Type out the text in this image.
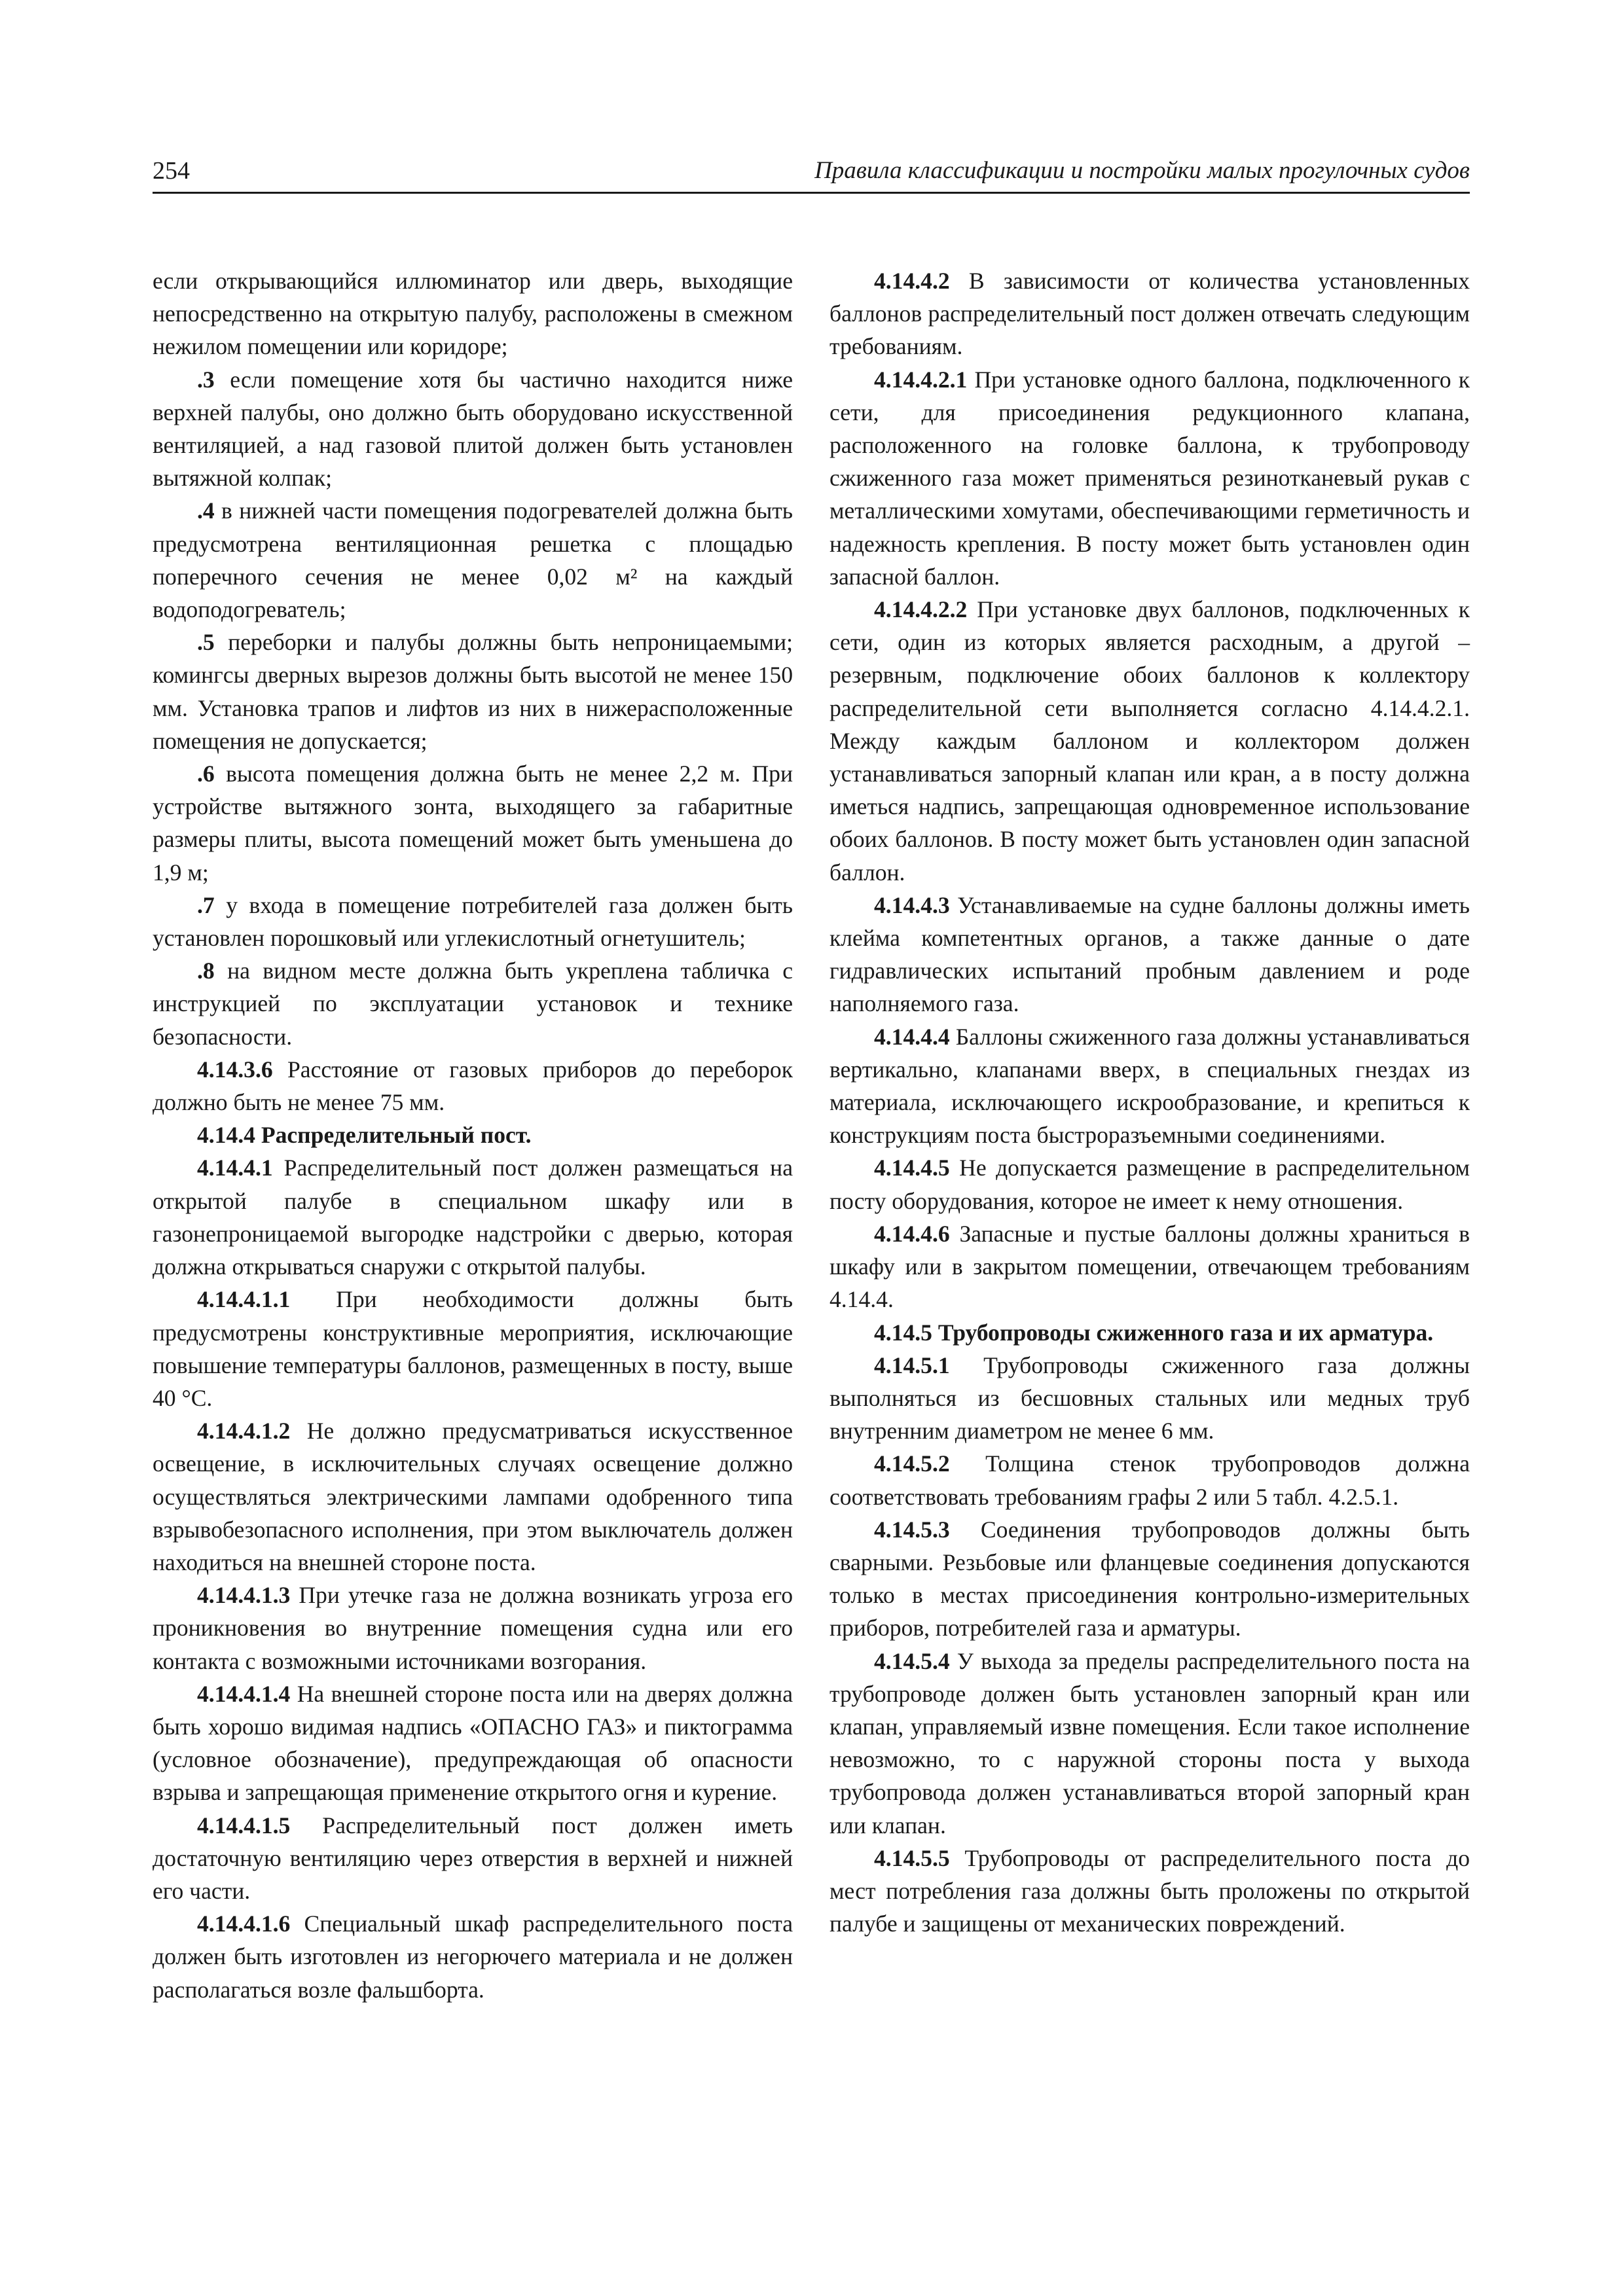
254	Правила классификации и постройки малых прогулочных судов

если открывающийся иллюминатор или дверь, выходящие непосредственно на открытую палубу, расположены в смежном нежилом помещении или коридоре;

.3 если помещение хотя бы частично находится ниже верхней палубы, оно должно быть оборудовано искусственной вентиляцией, а над газовой плитой должен быть установлен вытяжной колпак;

.4 в нижней части помещения подогревателей должна быть предусмотрена вентиляционная решетка с площадью поперечного сечения не менее 0,02 м² на каждый водоподогреватель;

.5 переборки и палубы должны быть непроницаемыми; комингсы дверных вырезов должны быть высотой не менее 150 мм. Установка трапов и лифтов из них в нижерасположенные помещения не допускается;

.6 высота помещения должна быть не менее 2,2 м. При устройстве вытяжного зонта, выходящего за габаритные размеры плиты, высота помещений может быть уменьшена до 1,9 м;

.7 у входа в помещение потребителей газа должен быть установлен порошковый или углекислотный огнетушитель;

.8 на видном месте должна быть укреплена табличка с инструкцией по эксплуатации установок и технике безопасности.

4.14.3.6 Расстояние от газовых приборов до переборок должно быть не менее 75 мм.

4.14.4 Распределительный пост.

4.14.4.1 Распределительный пост должен размещаться на открытой палубе в специальном шкафу или в газонепроницаемой выгородке надстройки с дверью, которая должна открываться снаружи с открытой палубы.

4.14.4.1.1 При необходимости должны быть предусмотрены конструктивные мероприятия, исключающие повышение температуры баллонов, размещенных в посту, выше 40 °С.

4.14.4.1.2 Не должно предусматриваться искусственное освещение, в исключительных случаях освещение должно осуществляться электрическими лампами одобренного типа взрывобезопасного исполнения, при этом выключатель должен находиться на внешней стороне поста.

4.14.4.1.3 При утечке газа не должна возникать угроза его проникновения во внутренние помещения судна или его контакта с возможными источниками возгорания.

4.14.4.1.4 На внешней стороне поста или на дверях должна быть хорошо видимая надпись «ОПАСНО ГАЗ» и пиктограмма (условное обозначение), предупреждающая об опасности взрыва и запрещающая применение открытого огня и курение.

4.14.4.1.5 Распределительный пост должен иметь достаточную вентиляцию через отверстия в верхней и нижней его части.

4.14.4.1.6 Специальный шкаф распределительного поста должен быть изготовлен из негорючего материала и не должен располагаться возле фальшборта.

4.14.4.2 В зависимости от количества установленных баллонов распределительный пост должен отвечать следующим требованиям.

4.14.4.2.1 При установке одного баллона, подключенного к сети, для присоединения редукционного клапана, расположенного на головке баллона, к трубопроводу сжиженного газа может применяться резинотканевый рукав с металлическими хомутами, обеспечивающими герметичность и надежность крепления. В посту может быть установлен один запасной баллон.

4.14.4.2.2 При установке двух баллонов, подключенных к сети, один из которых является расходным, а другой – резервным, подключение обоих баллонов к коллектору распределительной сети выполняется согласно 4.14.4.2.1. Между каждым баллоном и коллектором должен устанавливаться запорный клапан или кран, а в посту должна иметься надпись, запрещающая одновременное использование обоих баллонов. В посту может быть установлен один запасной баллон.

4.14.4.3 Устанавливаемые на судне баллоны должны иметь клейма компетентных органов, а также данные о дате гидравлических испытаний пробным давлением и роде наполняемого газа.

4.14.4.4 Баллоны сжиженного газа должны устанавливаться вертикально, клапанами вверх, в специальных гнездах из материала, исключающего искрообразование, и крепиться к конструкциям поста быстроразъемными соединениями.

4.14.4.5 Не допускается размещение в распределительном посту оборудования, которое не имеет к нему отношения.

4.14.4.6 Запасные и пустые баллоны должны храниться в шкафу или в закрытом помещении, отвечающем требованиям 4.14.4.

4.14.5 Трубопроводы сжиженного газа и их арматура.

4.14.5.1 Трубопроводы сжиженного газа должны выполняться из бесшовных стальных или медных труб внутренним диаметром не менее 6 мм.

4.14.5.2 Толщина стенок трубопроводов должна соответствовать требованиям графы 2 или 5 табл. 4.2.5.1.

4.14.5.3 Соединения трубопроводов должны быть сварными. Резьбовые или фланцевые соединения допускаются только в местах присоединения контрольно-измерительных приборов, потребителей газа и арматуры.

4.14.5.4 У выхода за пределы распределительного поста на трубопроводе должен быть установлен запорный кран или клапан, управляемый извне помещения. Если такое исполнение невозможно, то с наружной стороны поста у выхода трубопровода должен устанавливаться второй запорный кран или клапан.

4.14.5.5 Трубопроводы от распределительного поста до мест потребления газа должны быть проложены по открытой палубе и защищены от механических повреждений.
